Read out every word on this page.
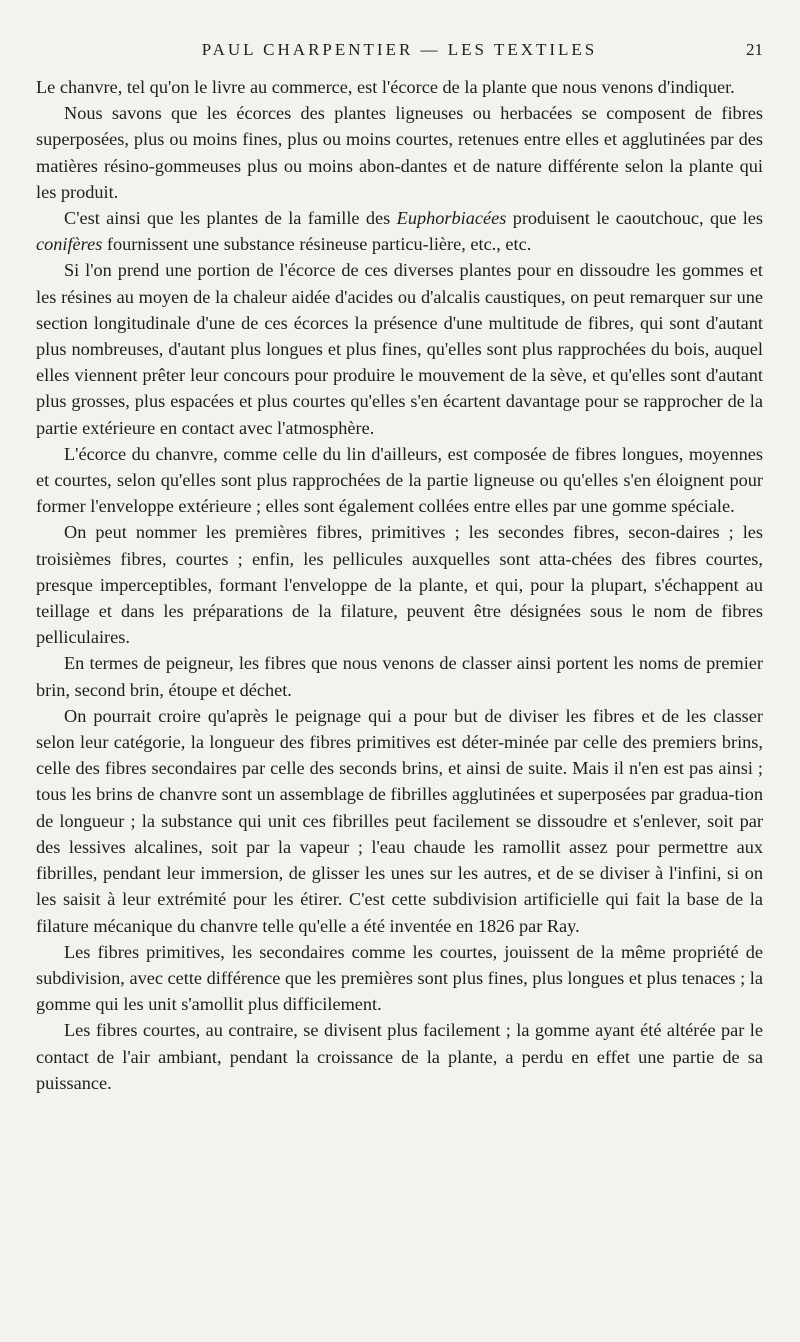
PAUL CHARPENTIER — LES TEXTILES	21

Le chanvre, tel qu'on le livre au commerce, est l'écorce de la plante que nous venons d'indiquer.

Nous savons que les écorces des plantes ligneuses ou herbacées se composent de fibres superposées, plus ou moins fines, plus ou moins courtes, retenues entre elles et agglutinées par des matières résino-gommeuses plus ou moins abon-dantes et de nature différente selon la plante qui les produit.

C'est ainsi que les plantes de la famille des Euphorbiacées produisent le caoutchouc, que les conifères fournissent une substance résineuse particu-lière, etc., etc.

Si l'on prend une portion de l'écorce de ces diverses plantes pour en dissoudre les gommes et les résines au moyen de la chaleur aidée d'acides ou d'alcalis caustiques, on peut remarquer sur une section longitudinale d'une de ces écorces la présence d'une multitude de fibres, qui sont d'autant plus nombreuses, d'autant plus longues et plus fines, qu'elles sont plus rapprochées du bois, auquel elles viennent prêter leur concours pour produire le mouvement de la sève, et qu'elles sont d'autant plus grosses, plus espacées et plus courtes qu'elles s'en écartent davantage pour se rapprocher de la partie extérieure en contact avec l'atmosphère.

L'écorce du chanvre, comme celle du lin d'ailleurs, est composée de fibres longues, moyennes et courtes, selon qu'elles sont plus rapprochées de la partie ligneuse ou qu'elles s'en éloignent pour former l'enveloppe extérieure ; elles sont également collées entre elles par une gomme spéciale.

On peut nommer les premières fibres, primitives ; les secondes fibres, secon-daires ; les troisièmes fibres, courtes ; enfin, les pellicules auxquelles sont atta-chées des fibres courtes, presque imperceptibles, formant l'enveloppe de la plante, et qui, pour la plupart, s'échappent au teillage et dans les préparations de la filature, peuvent être désignées sous le nom de fibres pelliculaires.

En termes de peigneur, les fibres que nous venons de classer ainsi portent les noms de premier brin, second brin, étoupe et déchet.

On pourrait croire qu'après le peignage qui a pour but de diviser les fibres et de les classer selon leur catégorie, la longueur des fibres primitives est déter-minée par celle des premiers brins, celle des fibres secondaires par celle des seconds brins, et ainsi de suite. Mais il n'en est pas ainsi ; tous les brins de chanvre sont un assemblage de fibrilles agglutinées et superposées par gradua-tion de longueur ; la substance qui unit ces fibrilles peut facilement se dissoudre et s'enlever, soit par des lessives alcalines, soit par la vapeur ; l'eau chaude les ramollit assez pour permettre aux fibrilles, pendant leur immersion, de glisser les unes sur les autres, et de se diviser à l'infini, si on les saisit à leur extrémité pour les étirer. C'est cette subdivision artificielle qui fait la base de la filature mécanique du chanvre telle qu'elle a été inventée en 1826 par Ray.

Les fibres primitives, les secondaires comme les courtes, jouissent de la même propriété de subdivision, avec cette différence que les premières sont plus fines, plus longues et plus tenaces ; la gomme qui les unit s'amollit plus difficilement.

Les fibres courtes, au contraire, se divisent plus facilement ; la gomme ayant été altérée par le contact de l'air ambiant, pendant la croissance de la plante, a perdu en effet une partie de sa puissance.
